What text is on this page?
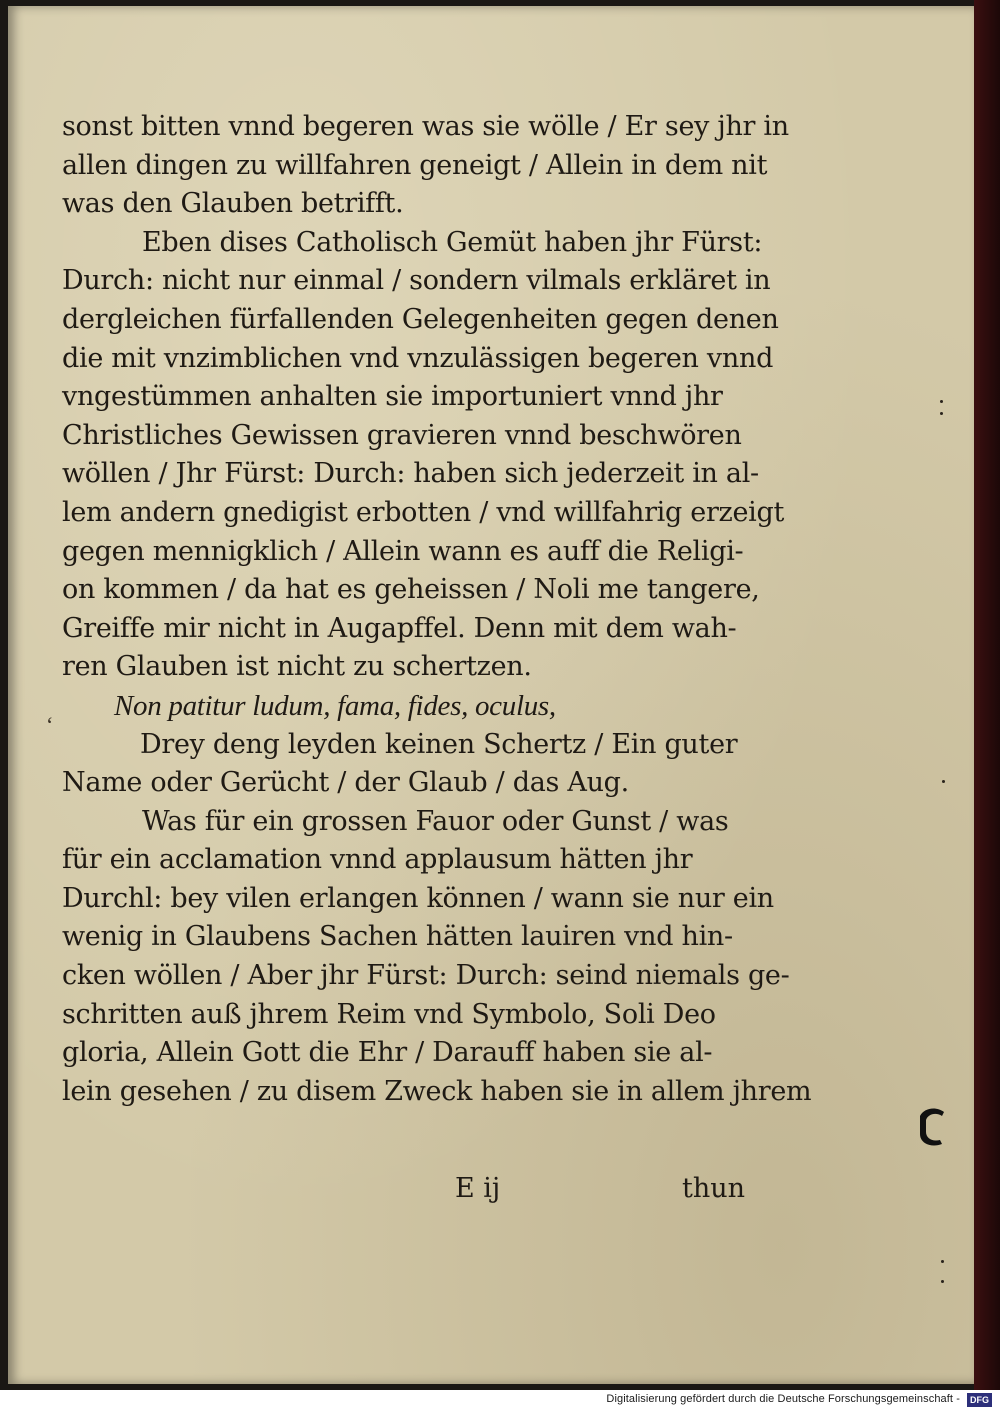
sonst bitten vnnd begeren was sie wölle / Er sey jhr in
allen dingen zu willfahren geneigt / Allein in dem nit
was den Glauben betrifft.
Eben dises Catholisch Gemüt haben jhr Fürst:
Durch: nicht nur einmal / sondern vilmals erkläret in
dergleichen fürfallenden Gelegenheiten gegen denen
die mit vnzimblichen vnd vnzulässigen begeren vnnd
vngestümmen anhalten sie importuniert vnnd jhr
Christliches Gewissen gravieren vnnd beschwören
wöllen / Jhr Fürst: Durch: haben sich jederzeit in al-
lem andern gnedigist erbotten / vnd willfahrig erzeigt
gegen mennigklich / Allein wann es auff die Religi-
on kommen / da hat es geheissen / Noli me tangere,
Greiffe mir nicht in Augapffel. Denn mit dem wah-
ren Glauben ist nicht zu schertzen.
Non patitur ludum, fama, fides, oculus,
Drey deng leyden keinen Schertz / Ein guter
Name oder Gerücht / der Glaub / das Aug.
Was für ein grossen Fauor oder Gunst / was
für ein acclamation vnnd applausum hätten jhr
Durchl: bey vilen erlangen können / wann sie nur ein
wenig in Glaubens Sachen hätten lauiren vnd hin-
cken wöllen / Aber jhr Fürst: Durch: seind niemals ge-
schritten auß jhrem Reim vnd Symbolo, Soli Deo
gloria, Allein Gott die Ehr / Darauff haben sie al-
lein gesehen / zu disem Zweck haben sie in allem jhrem
‘
E ij	thun
Digitalisierung gefördert durch die Deutsche Forschungsgemeinschaft -	DFG
